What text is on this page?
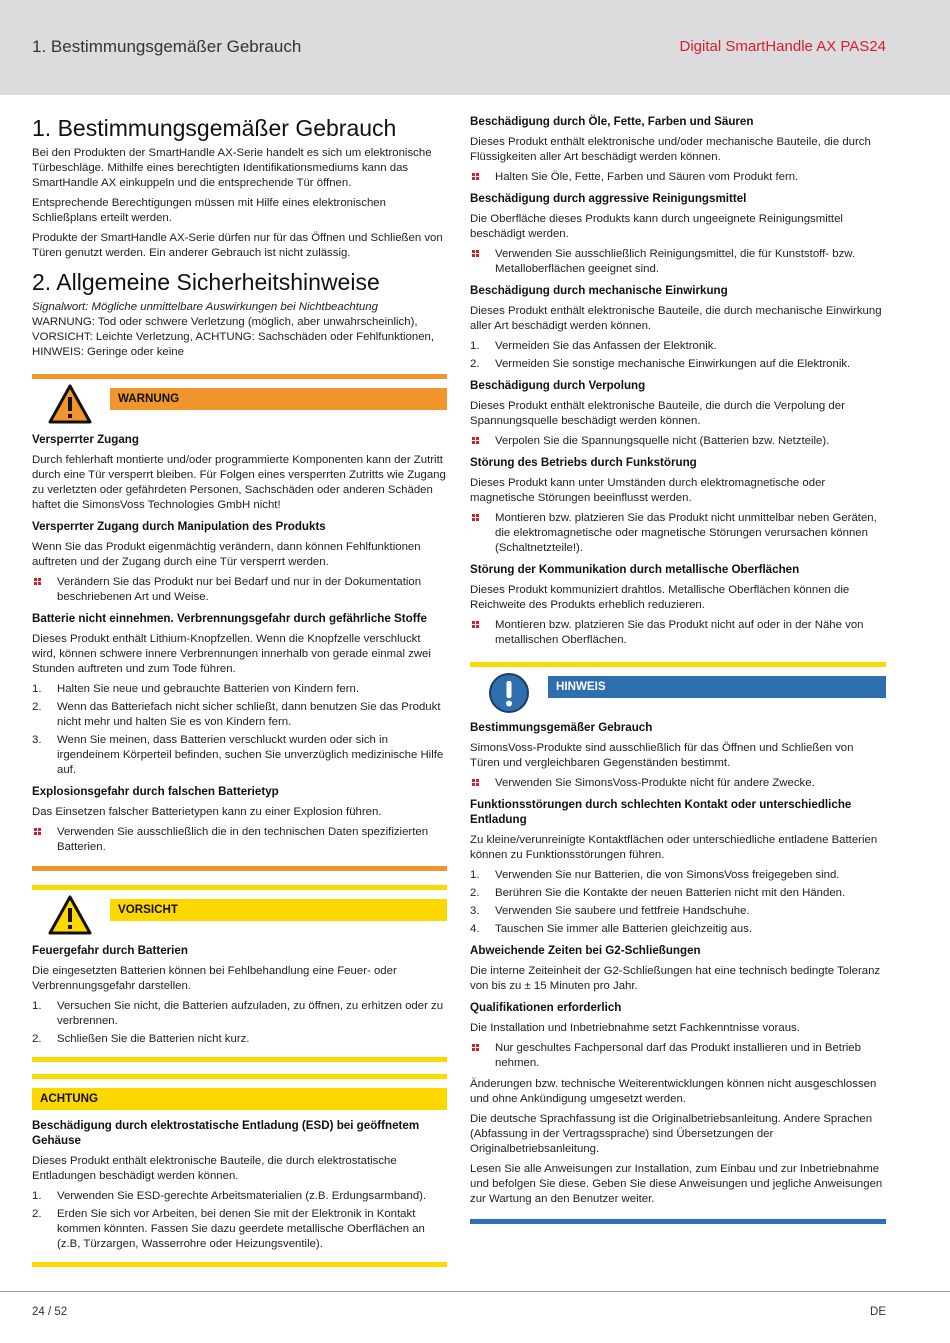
1. Bestimmungsgemäßer Gebrauch	Digital SmartHandle AX PAS24
1. Bestimmungsgemäßer Gebrauch

Bei den Produkten der SmartHandle AX-Serie handelt es sich um elektronische Türbeschläge. Mithilfe eines berechtigten Identifikationsmediums kann das SmartHandle AX einkuppeln und die entsprechende Tür öffnen.

Entsprechende Berechtigungen müssen mit Hilfe eines elektronischen Schließplans erteilt werden.

Produkte der SmartHandle AX-Serie dürfen nur für das Öffnen und Schließen von Türen genutzt werden. Ein anderer Gebrauch ist nicht zulässig.

2. Allgemeine Sicherheitshinweise

Signalwort: Mögliche unmittelbare Auswirkungen bei Nichtbeachtung

WARNUNG: Tod oder schwere Verletzung (möglich, aber unwahrscheinlich), VORSICHT: Leichte Verletzung, ACHTUNG: Sachschäden oder Fehlfunktionen, HINWEIS: Geringe oder keine

WARNUNG
Versperrter Zugang

Durch fehlerhaft montierte und/oder programmierte Komponenten kann der Zutritt durch eine Tür versperrt bleiben. Für Folgen eines versperrten Zutritts wie Zugang zu verletzten oder gefährdeten Personen, Sachschäden oder anderen Schäden haftet die SimonsVoss Technologies GmbH nicht!

Versperrter Zugang durch Manipulation des Produkts

Wenn Sie das Produkt eigenmächtig verändern, dann können Fehlfunktionen auftreten und der Zugang durch eine Tür versperrt werden.

Verändern Sie das Produkt nur bei Bedarf und nur in der Dokumentation beschriebenen Art und Weise.
Batterie nicht einnehmen. Verbrennungsgefahr durch gefährliche Stoffe

Dieses Produkt enthält Lithium-Knopfzellen. Wenn die Knopfzelle verschluckt wird, können schwere innere Verbrennungen innerhalb von gerade einmal zwei Stunden auftreten und zum Tode führen.

1. Halten Sie neue und gebrauchte Batterien von Kindern fern.
2. Wenn das Batteriefach nicht sicher schließt, dann benutzen Sie das Produkt nicht mehr und halten Sie es von Kindern fern.
3. Wenn Sie meinen, dass Batterien verschluckt wurden oder sich in irgendeinem Körperteil befinden, suchen Sie unverzüglich medizinische Hilfe auf.
Explosionsgefahr durch falschen Batterietyp

Das Einsetzen falscher Batterietypen kann zu einer Explosion führen.

Verwenden Sie ausschließlich die in den technischen Daten spezifizierten Batterien.
VORSICHT
Feuergefahr durch Batterien

Die eingesetzten Batterien können bei Fehlbehandlung eine Feuer- oder Verbrennungsgefahr darstellen.

1. Versuchen Sie nicht, die Batterien aufzuladen, zu öffnen, zu erhitzen oder zu verbrennen.
2. Schließen Sie die Batterien nicht kurz.
ACHTUNG
Beschädigung durch elektrostatische Entladung (ESD) bei geöffnetem Gehäuse

Dieses Produkt enthält elektronische Bauteile, die durch elektrostatische Entladungen beschädigt werden können.

1. Verwenden Sie ESD-gerechte Arbeitsmaterialien (z.B. Erdungsarmband).
2. Erden Sie sich vor Arbeiten, bei denen Sie mit der Elektronik in Kontakt kommen könnten. Fassen Sie dazu geerdete metallische Oberflächen an (z.B, Türzargen, Wasserrohre oder Heizungsventile).
Beschädigung durch Öle, Fette, Farben und Säuren

Dieses Produkt enthält elektronische und/oder mechanische Bauteile, die durch Flüssigkeiten aller Art beschädigt werden können.

Halten Sie Öle, Fette, Farben und Säuren vom Produkt fern.
Beschädigung durch aggressive Reinigungsmittel

Die Oberfläche dieses Produkts kann durch ungeeignete Reinigungsmittel beschädigt werden.

Verwenden Sie ausschließlich Reinigungsmittel, die für Kunststoff- bzw. Metalloberflächen geeignet sind.
Beschädigung durch mechanische Einwirkung

Dieses Produkt enthält elektronische Bauteile, die durch mechanische Einwirkung aller Art beschädigt werden können.

1. Vermeiden Sie das Anfassen der Elektronik.
2. Vermeiden Sie sonstige mechanische Einwirkungen auf die Elektronik.
Beschädigung durch Verpolung

Dieses Produkt enthält elektronische Bauteile, die durch die Verpolung der Spannungsquelle beschädigt werden können.

Verpolen Sie die Spannungsquelle nicht (Batterien bzw. Netzteile).
Störung des Betriebs durch Funkstörung

Dieses Produkt kann unter Umständen durch elektromagnetische oder magnetische Störungen beeinflusst werden.

Montieren bzw. platzieren Sie das Produkt nicht unmittelbar neben Geräten, die elektromagnetische oder magnetische Störungen verursachen können (Schaltnetzteile!).
Störung der Kommunikation durch metallische Oberflächen

Dieses Produkt kommuniziert drahtlos. Metallische Oberflächen können die Reichweite des Produkts erheblich reduzieren.

Montieren bzw. platzieren Sie das Produkt nicht auf oder in der Nähe von metallischen Oberflächen.
HINWEIS
Bestimmungsgemäßer Gebrauch

SimonsVoss-Produkte sind ausschließlich für das Öffnen und Schließen von Türen und vergleichbaren Gegenständen bestimmt.

Verwenden Sie SimonsVoss-Produkte nicht für andere Zwecke.
Funktionsstörungen durch schlechten Kontakt oder unterschiedliche Entladung

Zu kleine/verunreinigte Kontaktflächen oder unterschiedliche entladene Batterien können zu Funktionsstörungen führen.

1. Verwenden Sie nur Batterien, die von SimonsVoss freigegeben sind.
2. Berühren Sie die Kontakte der neuen Batterien nicht mit den Händen.
3. Verwenden Sie saubere und fettfreie Handschuhe.
4. Tauschen Sie immer alle Batterien gleichzeitig aus.
Abweichende Zeiten bei G2-Schließungen

Die interne Zeiteinheit der G2-Schließungen hat eine technisch bedingte Toleranz von bis zu ± 15 Minuten pro Jahr.

Qualifikationen erforderlich

Die Installation und Inbetriebnahme setzt Fachkenntnisse voraus.

Nur geschultes Fachpersonal darf das Produkt installieren und in Betrieb nehmen.

Änderungen bzw. technische Weiterentwicklungen können nicht ausgeschlossen und ohne Ankündigung umgesetzt werden.

Die deutsche Sprachfassung ist die Originalbetriebsanleitung. Andere Sprachen (Abfassung in der Vertragssprache) sind Übersetzungen der Originalbetriebsanleitung.

Lesen Sie alle Anweisungen zur Installation, zum Einbau und zur Inbetriebnahme und befolgen Sie diese. Geben Sie diese Anweisungen und jegliche Anweisungen zur Wartung an den Benutzer weiter.

24 / 52	DE
